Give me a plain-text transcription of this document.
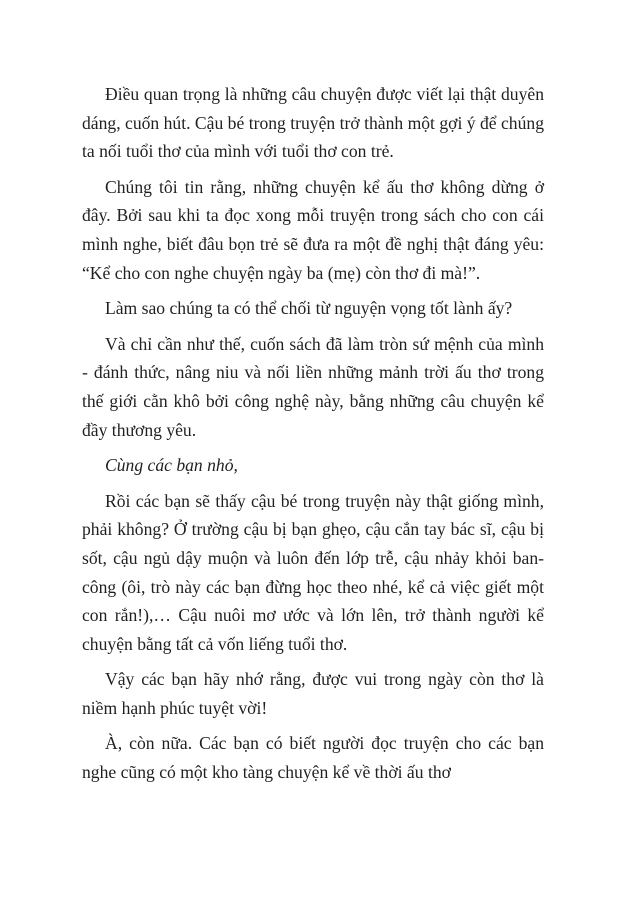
Điều quan trọng là những câu chuyện được viết lại thật duyên dáng, cuốn hút. Cậu bé trong truyện trở thành một gợi ý để chúng ta nối tuổi thơ của mình với tuổi thơ con trẻ.

Chúng tôi tin rằng, những chuyện kể ấu thơ không dừng ở đây. Bởi sau khi ta đọc xong mỗi truyện trong sách cho con cái mình nghe, biết đâu bọn trẻ sẽ đưa ra một đề nghị thật đáng yêu: “Kể cho con nghe chuyện ngày ba (mẹ) còn thơ đi mà!”.

Làm sao chúng ta có thể chối từ nguyện vọng tốt lành ấy?

Và chỉ cần như thế, cuốn sách đã làm tròn sứ mệnh của mình - đánh thức, nâng niu và nối liền những mảnh trời ấu thơ trong thế giới cằn khô bởi công nghệ này, bằng những câu chuyện kể đầy thương yêu.

Cùng các bạn nhỏ,

Rồi các bạn sẽ thấy cậu bé trong truyện này thật giống mình, phải không? Ở trường cậu bị bạn ghẹo, cậu cắn tay bác sĩ, cậu bị sốt, cậu ngủ dậy muộn và luôn đến lớp trễ, cậu nhảy khỏi ban-công (ôi, trò này các bạn đừng học theo nhé, kể cả việc giết một con rắn!),… Cậu nuôi mơ ước và lớn lên, trở thành người kể chuyện bằng tất cả vốn liếng tuổi thơ.

Vậy các bạn hãy nhớ rằng, được vui trong ngày còn thơ là niềm hạnh phúc tuyệt vời!

À, còn nữa. Các bạn có biết người đọc truyện cho các bạn nghe cũng có một kho tàng chuyện kể về thời ấu thơ
